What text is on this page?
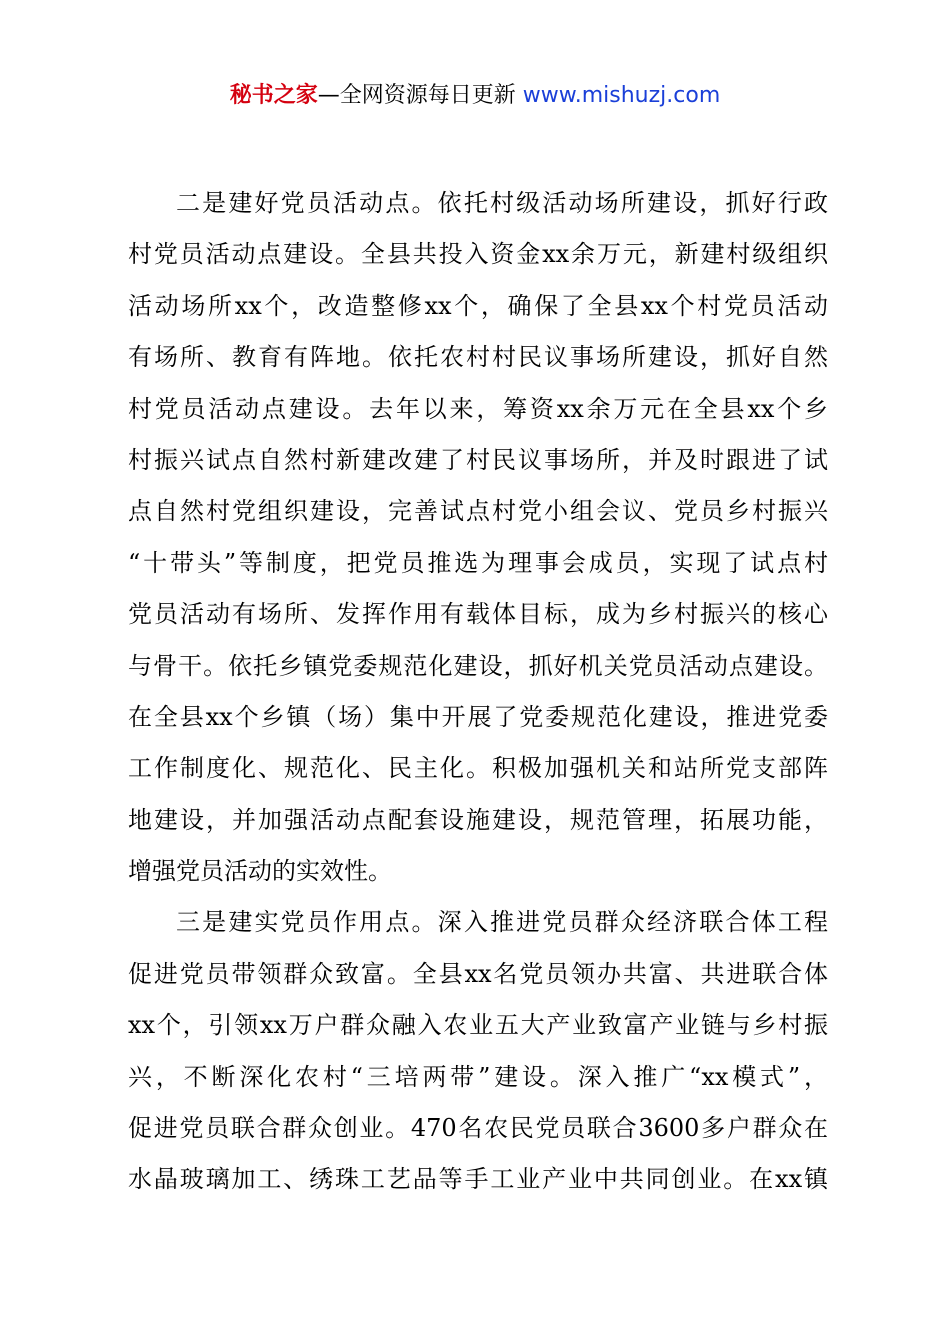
秘书之家—全网资源每日更新 www.mishuzj.com
二是建好党员活动点。依托村级活动场所建设，抓好行政
村党员活动点建设。全县共投入资金xx余万元，新建村级组织
活动场所xx个，改造整修xx个，确保了全县xx个村党员活动
有场所、教育有阵地。依托农村村民议事场所建设，抓好自然
村党员活动点建设。去年以来，筹资xx余万元在全县xx个乡
村振兴试点自然村新建改建了村民议事场所，并及时跟进了试
点自然村党组织建设，完善试点村党小组会议、党员乡村振兴
“十带头”等制度，把党员推选为理事会成员，实现了试点村
党员活动有场所、发挥作用有载体目标，成为乡村振兴的核心
与骨干。依托乡镇党委规范化建设，抓好机关党员活动点建设。
在全县xx个乡镇（场）集中开展了党委规范化建设，推进党委
工作制度化、规范化、民主化。积极加强机关和站所党支部阵
地建设，并加强活动点配套设施建设，规范管理，拓展功能，
增强党员活动的实效性。
三是建实党员作用点。深入推进党员群众经济联合体工程
促进党员带领群众致富。全县xx名党员领办共富、共进联合体
xx个，引领xx万户群众融入农业五大产业致富产业链与乡村振
兴，不断深化农村“三培两带”建设。深入推广“xx模式”，
促进党员联合群众创业。470名农民党员联合3600多户群众在
水晶玻璃加工、绣珠工艺品等手工业产业中共同创业。在xx镇
